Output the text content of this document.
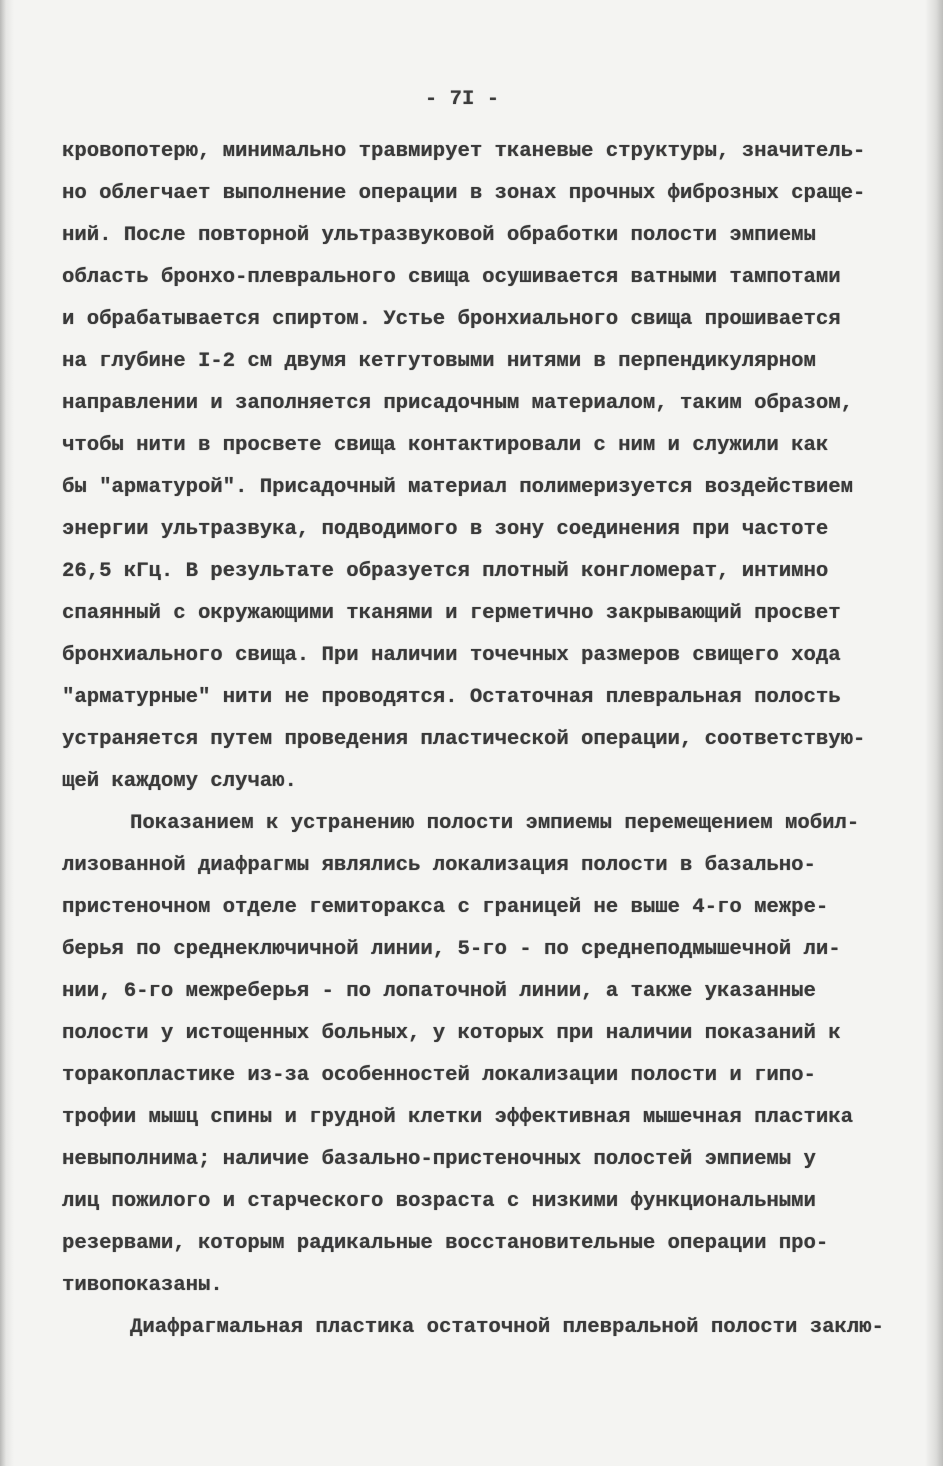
- 7I -
кровопотерю, минимально травмирует тканевые структуры, значитель-
но облегчает выполнение операции в зонах прочных фиброзных сраще-
ний. После повторной ультразвуковой обработки полости эмпиемы
область бронхо-плеврального свища осушивается ватными тампотами
и обрабатывается спиртом. Устье бронхиального свища прошивается
на глубине I-2 см двумя кетгутовыми нитями в перпендикулярном
направлении и заполняется присадочным материалом, таким образом,
чтобы нити в просвете свища контактировали с ним и служили как
бы "арматурой". Присадочный материал полимеризуется воздействием
энергии ультразвука, подводимого в зону соединения при частоте
26,5 кГц. В результате образуется плотный конгломерат, интимно
спаянный с окружающими тканями и герметично закрывающий просвет
бронхиального свища. При наличии точечных размеров свищего хода
"арматурные" нити не проводятся. Остаточная плевральная полость
устраняется путем проведения пластической операции, соответствую-
щей каждому случаю.
Показанием к устранению полости эмпиемы перемещением мобил-
лизованной диафрагмы являлись локализация полости в базально-
пристеночном отделе гемиторакса с границей не выше 4-го межре-
берья по среднеключичной линии, 5-го - по среднеподмышечной ли-
нии, 6-го межреберья - по лопаточной линии, а также указанные
полости у истощенных больных, у которых при наличии показаний к
торакопластике из-за особенностей локализации полости и гипо-
трофии мышц спины и грудной клетки эффективная мышечная пластика
невыполнима; наличие базально-пристеночных полостей эмпиемы у
лиц пожилого и старческого возраста с низкими функциональными
резервами, которым радикальные восстановительные операции про-
тивопоказаны.
Диафрагмальная пластика остаточной плевральной полости заклю-
